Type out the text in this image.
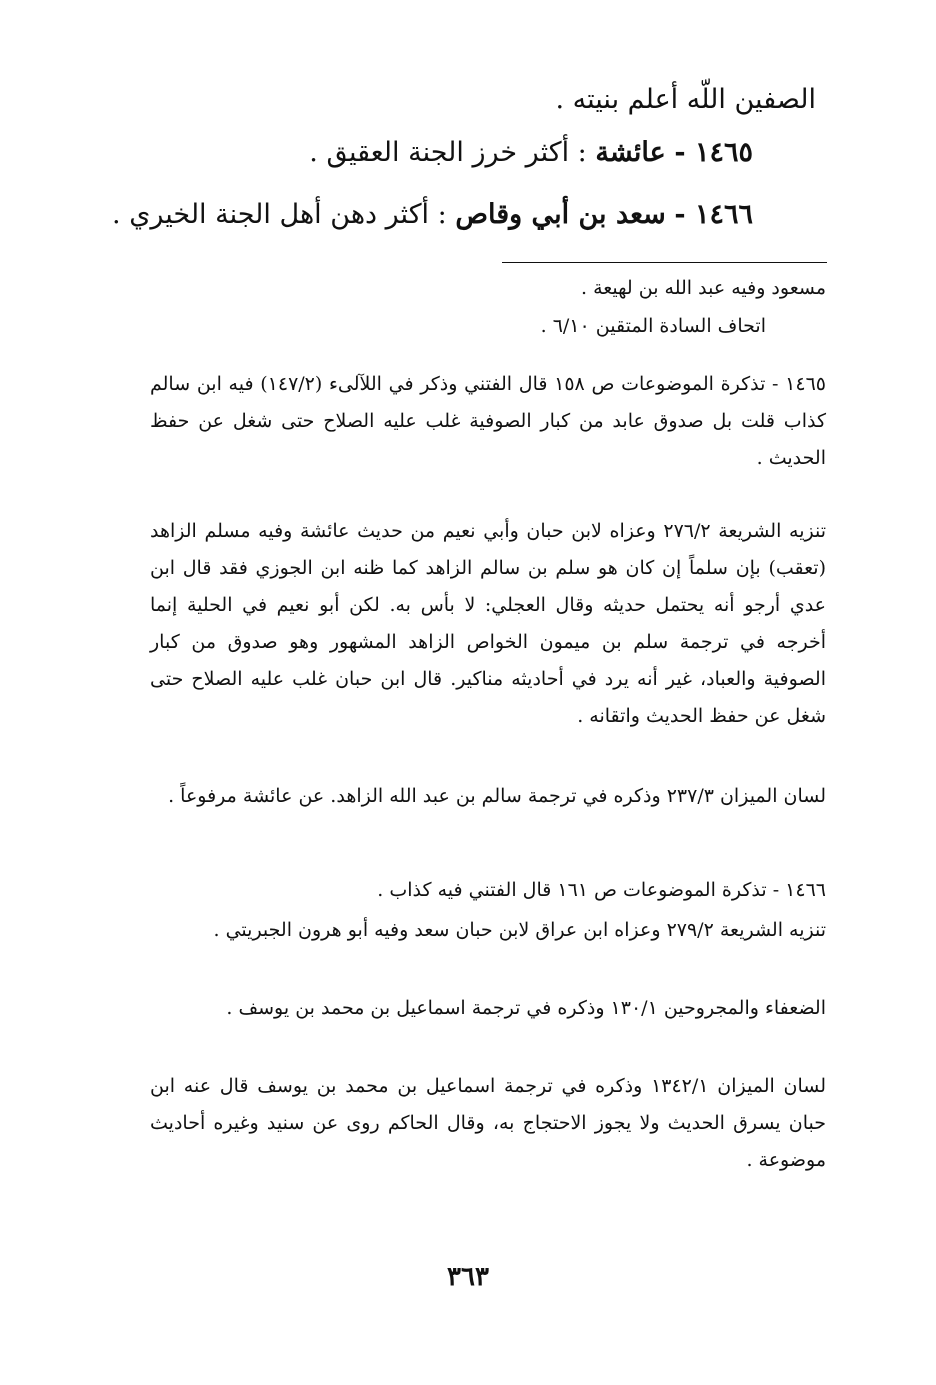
الصفين اللّه أعلم بنيته .
١٤٦٥ - عائشة : أكثر خرز الجنة العقيق .
١٤٦٦ - سعد بن أبي وقاص : أكثر دهن أهل الجنة الخيري .
مسعود وفيه عبد الله بن لهيعة .
اتحاف السادة المتقين ٦/١٠ .
١٤٦٥ - تذكرة الموضوعات ص ١٥٨ قال الفتني وذكر في اللآلىء (١٤٧/٢) فيه ابن سالم كذاب قلت بل صدوق عابد من كبار الصوفية غلب عليه الصلاح حتى شغل عن حفظ الحديث .
تنزيه الشريعة ٢٧٦/٢ وعزاه لابن حبان وأبي نعيم من حديث عائشة وفيه مسلم الزاهد (تعقب) بإن سلماً إن كان هو سلم بن سالم الزاهد كما ظنه ابن الجوزي فقد قال ابن عدي أرجو أنه يحتمل حديثه وقال العجلي: لا بأس به. لكن أبو نعيم في الحلية إنما أخرجه في ترجمة سلم بن ميمون الخواص الزاهد المشهور وهو صدوق من كبار الصوفية والعباد، غير أنه يرد في أحاديثه مناكير. قال ابن حبان غلب عليه الصلاح حتى شغل عن حفظ الحديث واتقانه .
لسان الميزان ٢٣٧/٣ وذكره في ترجمة سالم بن عبد الله الزاهد. عن عائشة مرفوعاً .
١٤٦٦ - تذكرة الموضوعات ص ١٦١ قال الفتني فيه كذاب .
تنزيه الشريعة ٢٧٩/٢ وعزاه ابن عراق لابن حبان سعد وفيه أبو هرون الجبريتي .
الضعفاء والمجروحين ١٣٠/١ وذكره في ترجمة اسماعيل بن محمد بن يوسف .
لسان الميزان ١٣٤٢/١ وذكره في ترجمة اسماعيل بن محمد بن يوسف قال عنه ابن حبان يسرق الحديث ولا يجوز الاحتجاج به، وقال الحاكم روى عن سنيد وغيره أحاديث موضوعة .
٣٦٣
